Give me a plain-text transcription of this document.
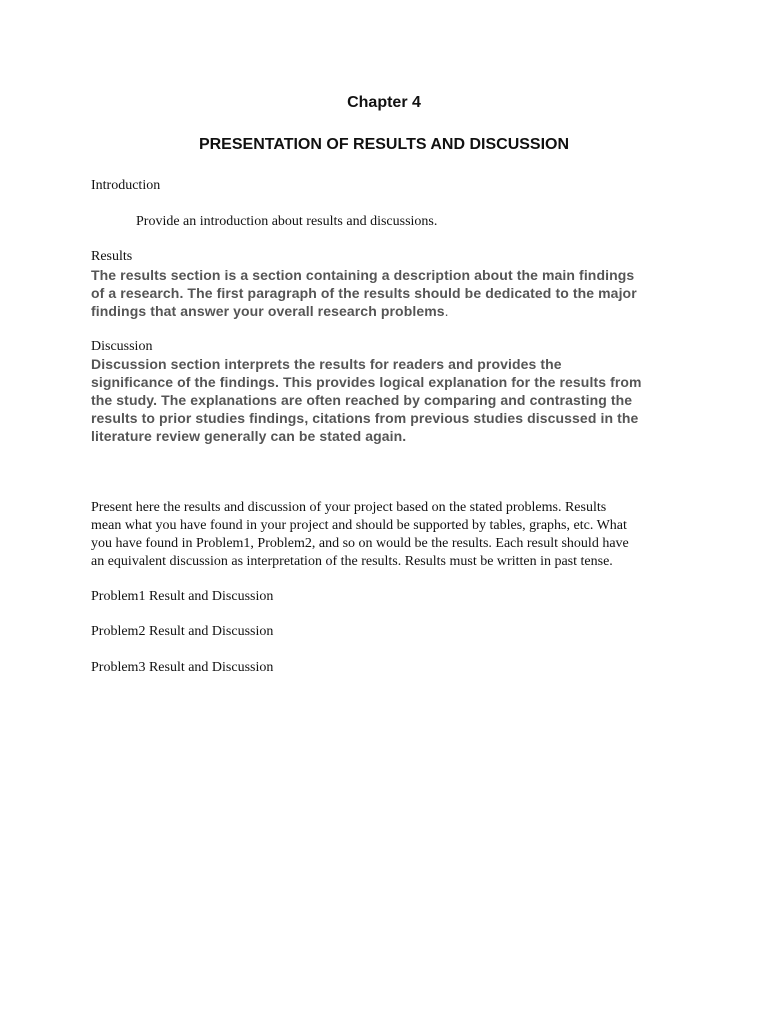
Chapter 4
PRESENTATION OF RESULTS AND DISCUSSION
Introduction
Provide an introduction about results and discussions.
Results
The results section is a section containing a description about the main findings
of a research. The first paragraph of the results should be dedicated to the major
findings that answer your overall research problems.
Discussion
Discussion section interprets the results for readers and provides the
significance of the findings. This provides logical explanation for the results from
the study. The explanations are often reached by comparing and contrasting the
results to prior studies findings, citations from previous studies discussed in the
literature review generally can be stated again.
Present here the results and discussion of your project based on the stated problems. Results
mean what you have found in your project and should be supported by tables, graphs, etc. What
you have found in Problem1, Problem2, and so on would be the results. Each result should have
an equivalent discussion as interpretation of the results. Results must be written in past tense.
Problem1 Result and Discussion
Problem2 Result and Discussion
Problem3 Result and Discussion
